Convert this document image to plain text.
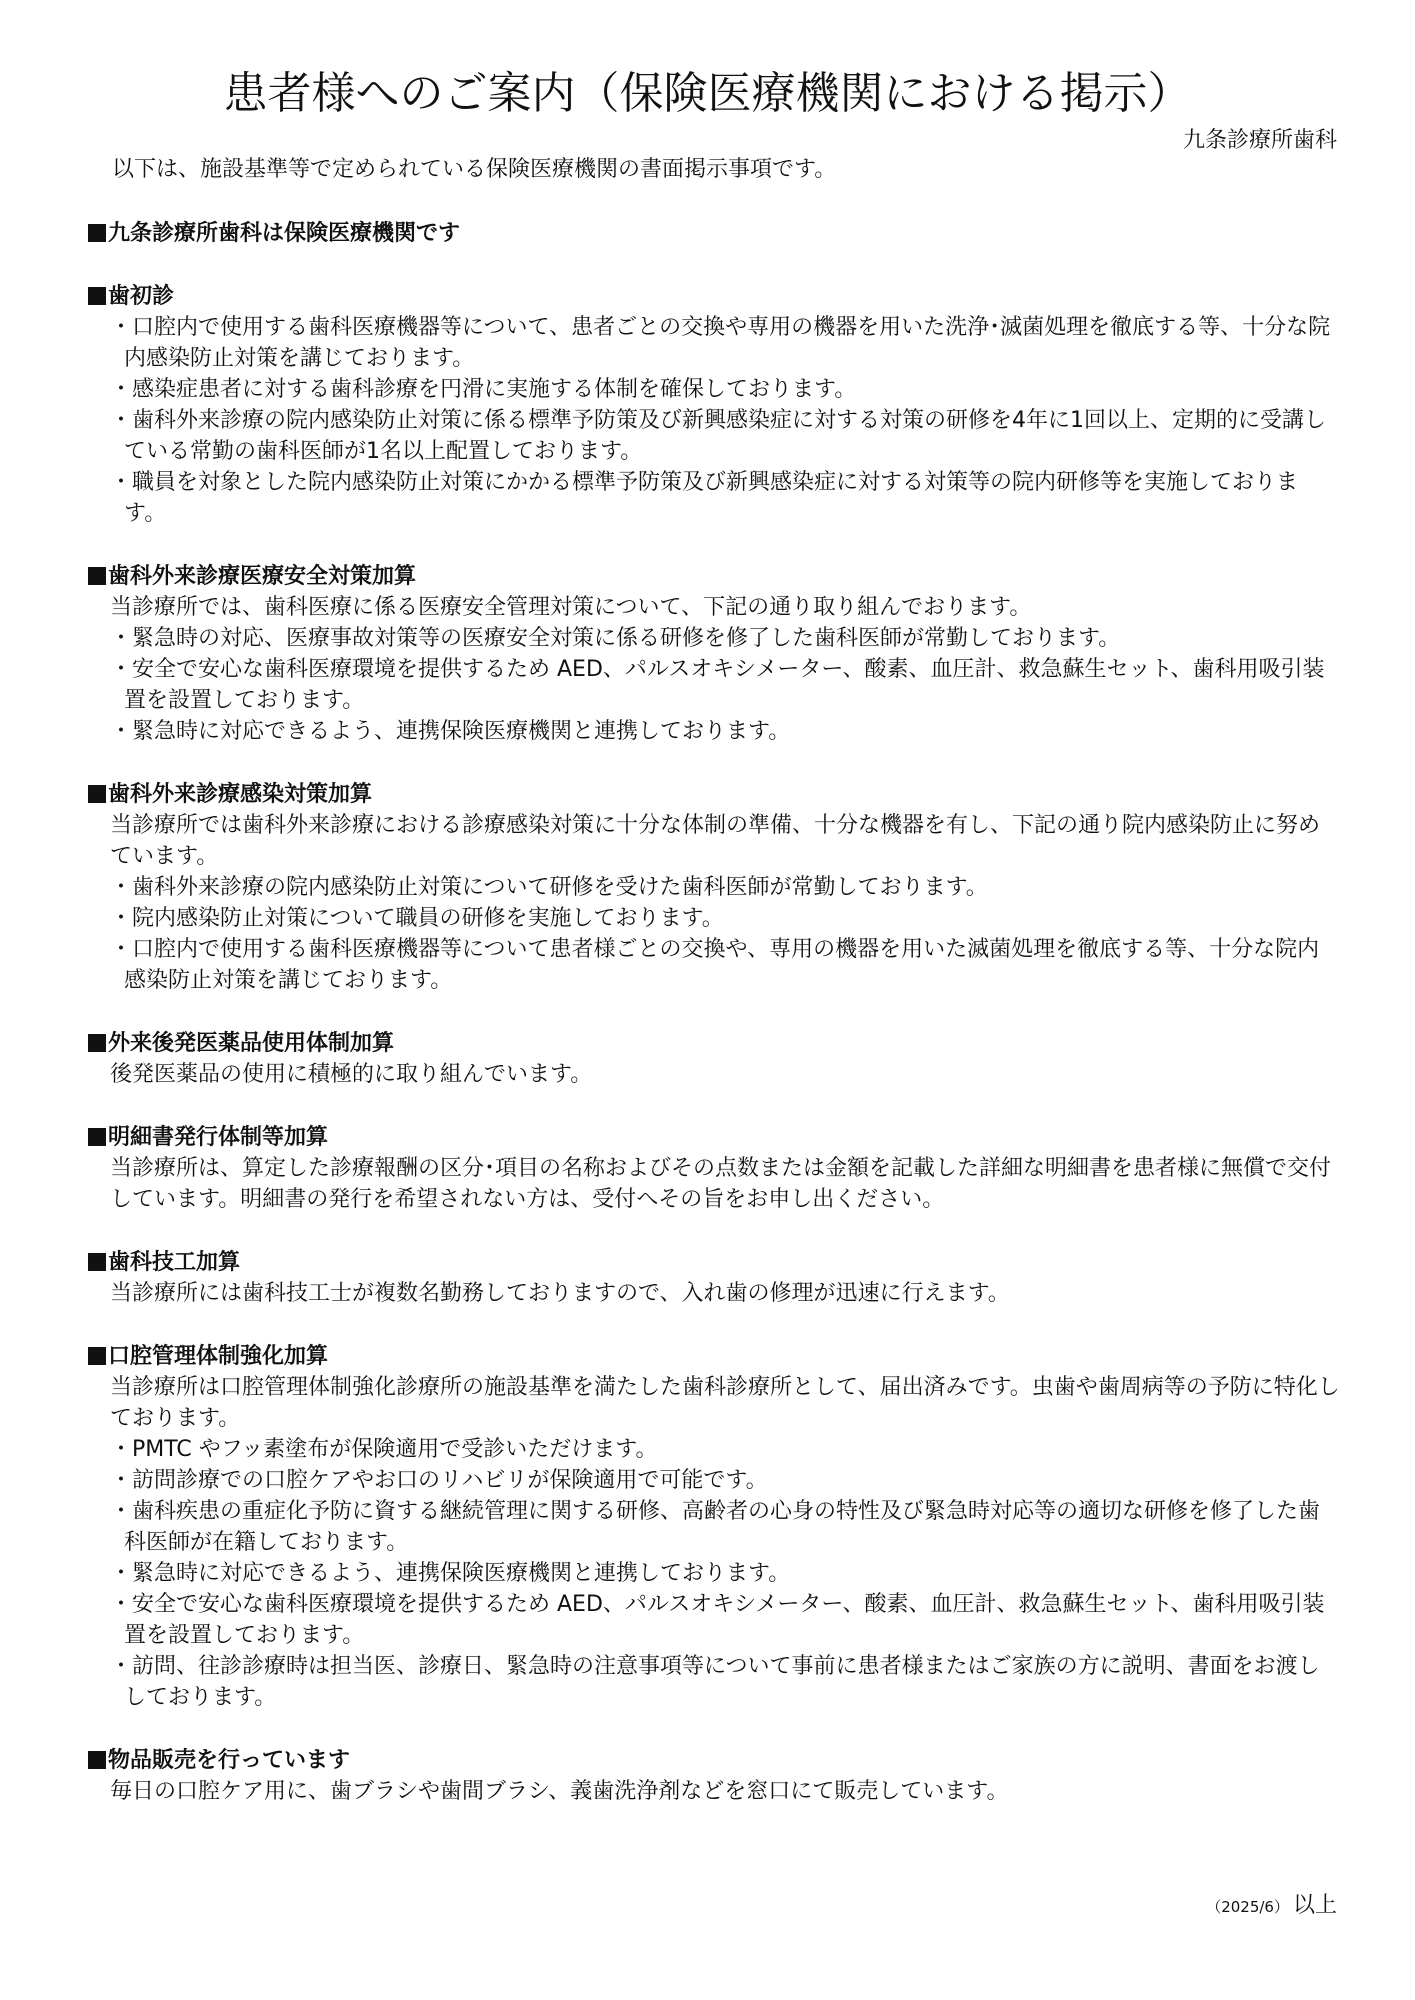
患者様へのご案内（保険医療機関における掲示）
九条診療所歯科
以下は、施設基準等で定められている保険医療機関の書面掲示事項です。
九条診療所歯科は保険医療機関です
歯初診
・口腔内で使用する歯科医療機器等について、患者ごとの交換や専用の機器を用いた洗浄･滅菌処理を徹底する等、十分な院内感染防止対策を講じております。
・感染症患者に対する歯科診療を円滑に実施する体制を確保しております。
・歯科外来診療の院内感染防止対策に係る標準予防策及び新興感染症に対する対策の研修を4年に1回以上、定期的に受講している常勤の歯科医師が1名以上配置しております。
・職員を対象とした院内感染防止対策にかかる標準予防策及び新興感染症に対する対策等の院内研修等を実施しております。
歯科外来診療医療安全対策加算
当診療所では、歯科医療に係る医療安全管理対策について、下記の通り取り組んでおります。
・緊急時の対応、医療事故対策等の医療安全対策に係る研修を修了した歯科医師が常勤しております。
・安全で安心な歯科医療環境を提供するため AED、パルスオキシメーター、酸素、血圧計、救急蘇生セット、歯科用吸引装置を設置しております。
・緊急時に対応できるよう、連携保険医療機関と連携しております。
歯科外来診療感染対策加算
当診療所では歯科外来診療における診療感染対策に十分な体制の準備、十分な機器を有し、下記の通り院内感染防止に努めています。
・歯科外来診療の院内感染防止対策について研修を受けた歯科医師が常勤しております。
・院内感染防止対策について職員の研修を実施しております。
・口腔内で使用する歯科医療機器等について患者様ごとの交換や、専用の機器を用いた滅菌処理を徹底する等、十分な院内感染防止対策を講じております。
外来後発医薬品使用体制加算
後発医薬品の使用に積極的に取り組んでいます。
明細書発行体制等加算
当診療所は、算定した診療報酬の区分･項目の名称およびその点数または金額を記載した詳細な明細書を患者様に無償で交付しています。明細書の発行を希望されない方は、受付へその旨をお申し出ください。
歯科技工加算
当診療所には歯科技工士が複数名勤務しておりますので、入れ歯の修理が迅速に行えます。
口腔管理体制強化加算
当診療所は口腔管理体制強化診療所の施設基準を満たした歯科診療所として、届出済みです。虫歯や歯周病等の予防に特化しております。
・PMTC やフッ素塗布が保険適用で受診いただけます。
・訪問診療での口腔ケアやお口のリハビリが保険適用で可能です。
・歯科疾患の重症化予防に資する継続管理に関する研修、高齢者の心身の特性及び緊急時対応等の適切な研修を修了した歯科医師が在籍しております。
・緊急時に対応できるよう、連携保険医療機関と連携しております。
・安全で安心な歯科医療環境を提供するため AED、パルスオキシメーター、酸素、血圧計、救急蘇生セット、歯科用吸引装置を設置しております。
・訪問、往診診療時は担当医、診療日、緊急時の注意事項等について事前に患者様またはご家族の方に説明、書面をお渡ししております。
物品販売を行っています
毎日の口腔ケア用に、歯ブラシや歯間ブラシ、義歯洗浄剤などを窓口にて販売しています。
（2025/6） 以上
